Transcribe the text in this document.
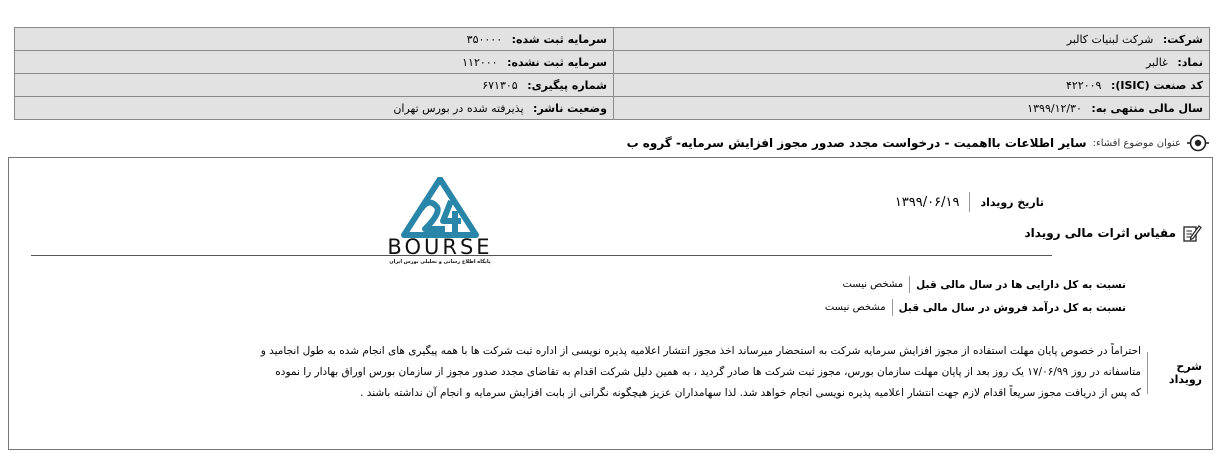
شرکت: شرکت لبنیات کالبر	سرمایه ثبت شده: ۳۵۰۰۰۰
نماد: غالبر	سرمایه ثبت نشده: ۱۱۲۰۰۰
کد صنعت (ISIC): ۴۲۲۰۰۹	شماره پیگیری: ۶۷۱۳۰۵
سال مالی منتهی به: ۱۳۹۹/۱۲/۳۰	وضعیت ناشر: پذیرفته شده در بورس تهران
عنوان موضوع افشاء:
سایر اطلاعات بااهمیت - درخواست مجدد صدور مجوز افزایش سرمایه- گروه ب
تاریخ رویداد
۱۳۹۹/۰۶/۱۹
مقیاس اثرات مالی رویداد
BOURSE
پایگاه اطلاع رسانی و تحلیلی بورس ایران
نسبت به کل دارایی ها در سال مالی قبل
مشخص نیست
نسبت به کل درآمد فروش در سال مالی قبل
مشخص نیست
شرح رویداد

احتراماً در خصوص پایان مهلت استفاده از مجوز افزایش سرمایه شرکت به استحضار میرساند اخذ مجوز انتشار اعلامیه پذیره نویسی از اداره ثبت شرکت ها با همه پیگیری های انجام شده به طول انجامید و

متاسفانه در روز ۱۷/۰۶/۹۹ یک روز بعد از پایان مهلت سازمان بورس، مجوز ثبت شرکت ها صادر گردید ، به همین دلیل شرکت اقدام به تقاضای مجدد صدور مجوز از سازمان بورس اوراق بهادار را نموده

که پس از دریافت مجوز سریعاً اقدام لازم جهت انتشار اعلامیه پذیره نویسی انجام خواهد شد. لذا سهامداران عزیز هیچگونه نگرانی از بابت افزایش سرمایه و انجام آن نداشته باشند .
